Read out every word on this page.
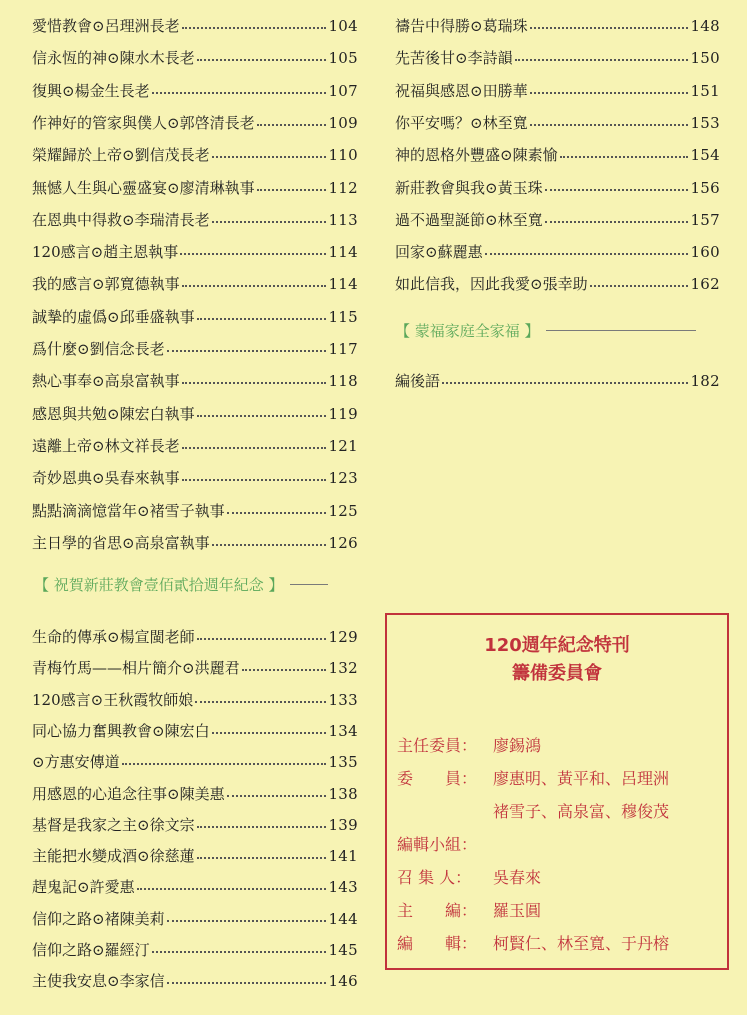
愛惜教會⊙呂理洲長老	104
信永恆的神⊙陳水木長老	105
復興⊙楊金生長老	107
作神好的管家與僕人⊙郭啓清長老	109
榮耀歸於上帝⊙劉信茂長老	110
無憾人生與心靈盛宴⊙廖清琳執事	112
在恩典中得救⊙李瑞清長老	113
120感言⊙趙主恩執事	114
我的感言⊙郭寬德執事	114
誠摯的虛僞⊙邱垂盛執事	115
爲什麼⊙劉信念長老	117
熱心事奉⊙高泉富執事	118
感恩與共勉⊙陳宏白執事	119
遠離上帝⊙林文祥長老	121
奇妙恩典⊙吳春來執事	123
點點滴滴憶當年⊙褚雪子執事	125
主日學的省思⊙高泉富執事	126
【 祝賀新莊教會壹佰貳拾週年紀念 】
生命的傳承⊙楊宣閩老師	129
青梅竹馬——相片簡介⊙洪麗君	132
120感言⊙王秋霞牧師娘	133
同心協力奮興教會⊙陳宏白	134
⊙方惠安傳道	135
用感恩的心追念往事⊙陳美惠	138
基督是我家之主⊙徐文宗	139
主能把水變成酒⊙徐慈蓮	141
趕鬼記⊙許愛惠	143
信仰之路⊙褚陳美莉	144
信仰之路⊙羅經汀	145
主使我安息⊙李家信	146
禱告中得勝⊙葛瑞珠	148
先苦後甘⊙李詩韻	150
祝福與感恩⊙田勝華	151
你平安嗎？⊙林至寬	153
神的恩格外豐盛⊙陳素愉	154
新莊教會與我⊙黃玉珠	156
過不過聖誕節⊙林至寬	157
回家⊙蘇麗惠	160
如此信我，因此我愛⊙張幸助	162
【 蒙福家庭全家福 】
編後語	182
120週年紀念特刊
籌備委員會
主任委員： 廖錫鴻
委　　員： 廖惠明、黃平和、呂理洲
褚雪子、高泉富、穆俊茂
編輯小組：
召 集 人： 吳春來
主　　編： 羅玉圓
編　　輯： 柯賢仁、林至寬、于丹榕
